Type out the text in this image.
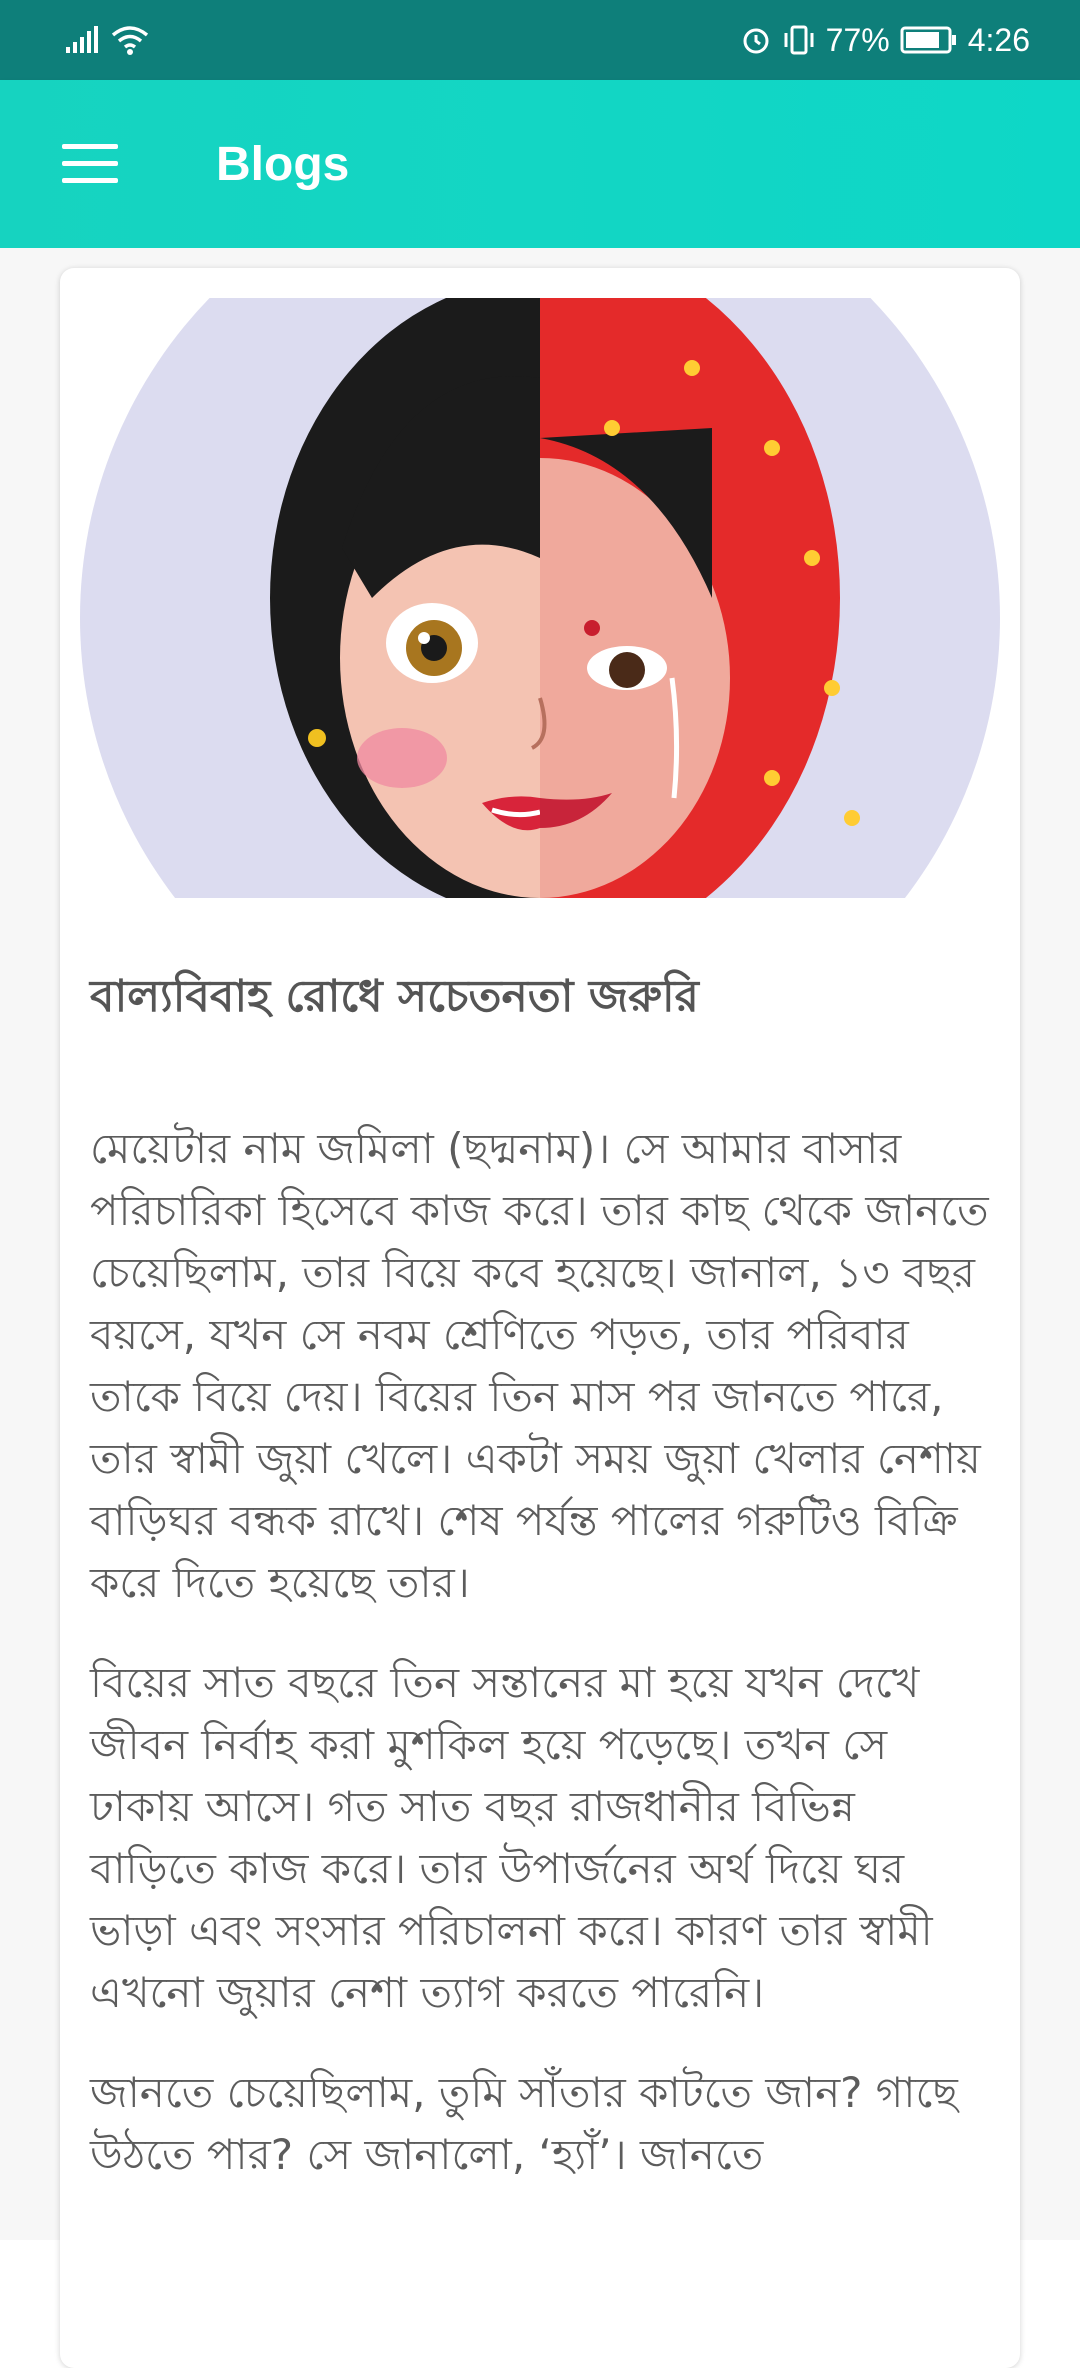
77% 4:26
Blogs
বাল্যবিবাহ রোধে সচেতনতা জরুরি

মেয়েটার নাম জমিলা (ছদ্মনাম)। সে আমার বাসার পরিচারিকা হিসেবে কাজ করে। তার কাছ থেকে জানতে চেয়েছিলাম, তার বিয়ে কবে হয়েছে। জানাল, ১৩ বছর বয়সে, যখন সে নবম শ্রেণিতে পড়ত, তার পরিবার তাকে বিয়ে দেয়। বিয়ের তিন মাস পর জানতে পারে, তার স্বামী জুয়া খেলে। একটা সময় জুয়া খেলার নেশায় বাড়িঘর বন্ধক রাখে। শেষ পর্যন্ত পালের গরুটিও বিক্রি করে দিতে হয়েছে তার।

বিয়ের সাত বছরে তিন সন্তানের মা হয়ে যখন দেখে জীবন নির্বাহ করা মুশকিল হয়ে পড়েছে। তখন সে ঢাকায় আসে। গত সাত বছর রাজধানীর বিভিন্ন বাড়িতে কাজ করে। তার উপার্জনের অর্থ দিয়ে ঘর ভাড়া এবং সংসার পরিচালনা করে। কারণ তার স্বামী এখনো জুয়ার নেশা ত্যাগ করতে পারেনি।

জানতে চেয়েছিলাম, তুমি সাঁতার কাটতে জান? গাছে উঠতে পার? সে জানালো, ‘হ্যাঁ’। জানতে
